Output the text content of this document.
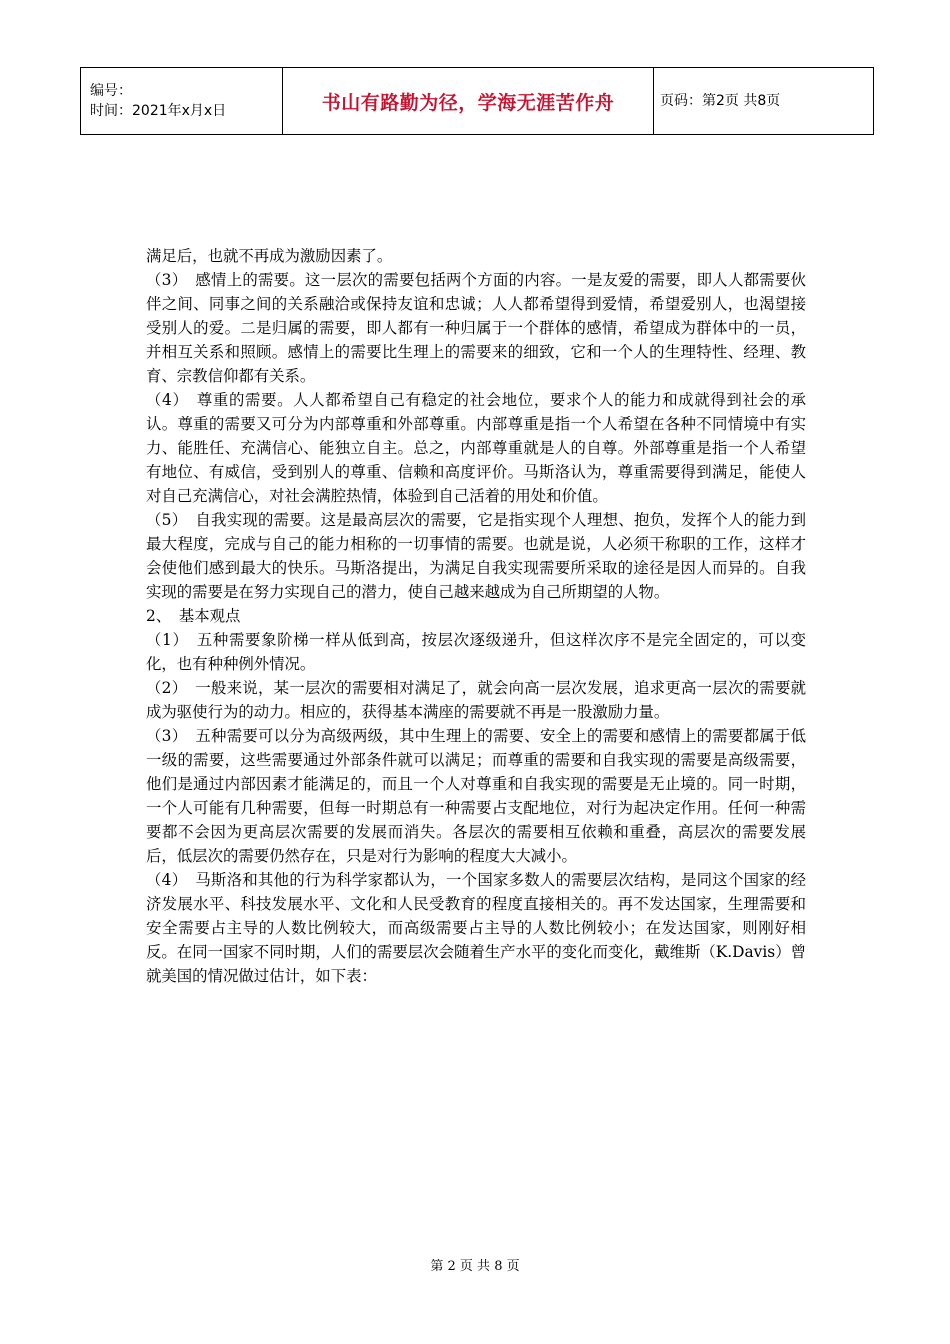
编号：
时间：2021年x月x日	书山有路勤为径，学海无涯苦作舟	页码：第2页 共8页

满足后，也就不再成为激励因素了。

（3）　感情上的需要。这一层次的需要包括两个方面的内容。一是友爱的需要，即人人都需要伙伴之间、同事之间的关系融洽或保持友谊和忠诚；人人都希望得到爱情，希望爱别人，也渴望接受别人的爱。二是归属的需要，即人都有一种归属于一个群体的感情，希望成为群体中的一员，并相互关系和照顾。感情上的需要比生理上的需要来的细致，它和一个人的生理特性、经理、教育、宗教信仰都有关系。

（4）　尊重的需要。人人都希望自己有稳定的社会地位，要求个人的能力和成就得到社会的承认。尊重的需要又可分为内部尊重和外部尊重。内部尊重是指一个人希望在各种不同情境中有实力、能胜任、充满信心、能独立自主。总之，内部尊重就是人的自尊。外部尊重是指一个人希望有地位、有威信，受到别人的尊重、信赖和高度评价。马斯洛认为，尊重需要得到满足，能使人对自己充满信心，对社会满腔热情，体验到自己活着的用处和价值。

（5）　自我实现的需要。这是最高层次的需要，它是指实现个人理想、抱负，发挥个人的能力到最大程度，完成与自己的能力相称的一切事情的需要。也就是说，人必须干称职的工作，这样才会使他们感到最大的快乐。马斯洛提出，为满足自我实现需要所采取的途径是因人而异的。自我实现的需要是在努力实现自己的潜力，使自己越来越成为自己所期望的人物。

2、　基本观点

（1）　五种需要象阶梯一样从低到高，按层次逐级递升，但这样次序不是完全固定的，可以变化，也有种种例外情况。

（2）　一般来说，某一层次的需要相对满足了，就会向高一层次发展，追求更高一层次的需要就成为驱使行为的动力。相应的，获得基本满座的需要就不再是一股激励力量。

（3）　五种需要可以分为高级两级，其中生理上的需要、安全上的需要和感情上的需要都属于低一级的需要，这些需要通过外部条件就可以满足；而尊重的需要和自我实现的需要是高级需要，他们是通过内部因素才能满足的，而且一个人对尊重和自我实现的需要是无止境的。同一时期，一个人可能有几种需要，但每一时期总有一种需要占支配地位，对行为起决定作用。任何一种需要都不会因为更高层次需要的发展而消失。各层次的需要相互依赖和重叠，高层次的需要发展后，低层次的需要仍然存在，只是对行为影响的程度大大减小。

（4）　马斯洛和其他的行为科学家都认为，一个国家多数人的需要层次结构，是同这个国家的经济发展水平、科技发展水平、文化和人民受教育的程度直接相关的。再不发达国家，生理需要和安全需要占主导的人数比例较大，而高级需要占主导的人数比例较小；在发达国家，则刚好相反。在同一国家不同时期，人们的需要层次会随着生产水平的变化而变化，戴维斯（K.Davis）曾就美国的情况做过估计，如下表：

第 2 页 共 8 页
